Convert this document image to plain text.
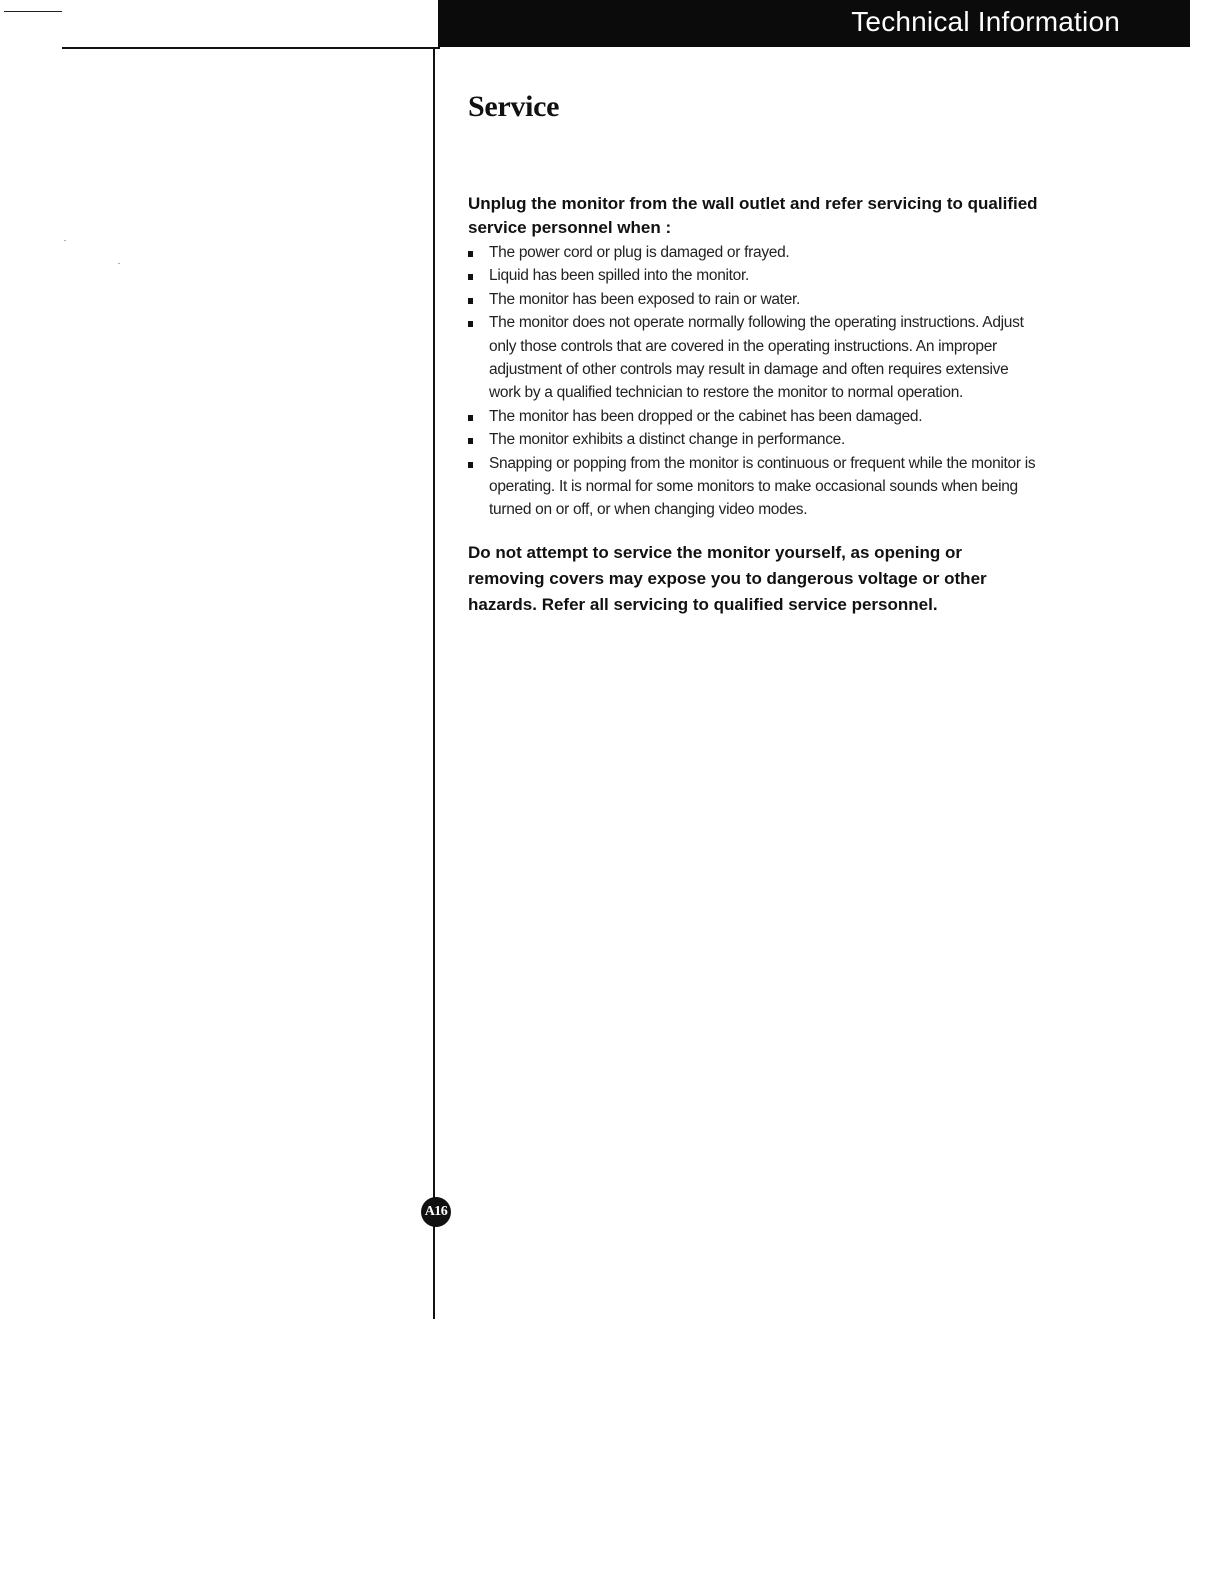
Technical Information
A16
Service

Unplug the monitor from the wall outlet and refer servicing to qualified service personnel when :

The power cord or plug is damaged or frayed.
Liquid has been spilled into the monitor.
The monitor has been exposed to rain or water.
The monitor does not operate normally following the operating instructions. Adjust only those controls that are covered in the operating instructions. An improper adjustment of other controls may result in damage and often requires extensive work by a qualified technician to restore the monitor to normal operation.
The monitor has been dropped or the cabinet has been damaged.
The monitor exhibits a distinct change in performance.
Snapping or popping from the monitor is continuous or frequent while the monitor is operating. It is normal for some monitors to make occasional sounds when being turned on or off, or when changing video modes.

Do not attempt to service the monitor yourself, as opening or removing covers may expose you to dangerous voltage or other hazards. Refer all servicing to qualified service personnel.
